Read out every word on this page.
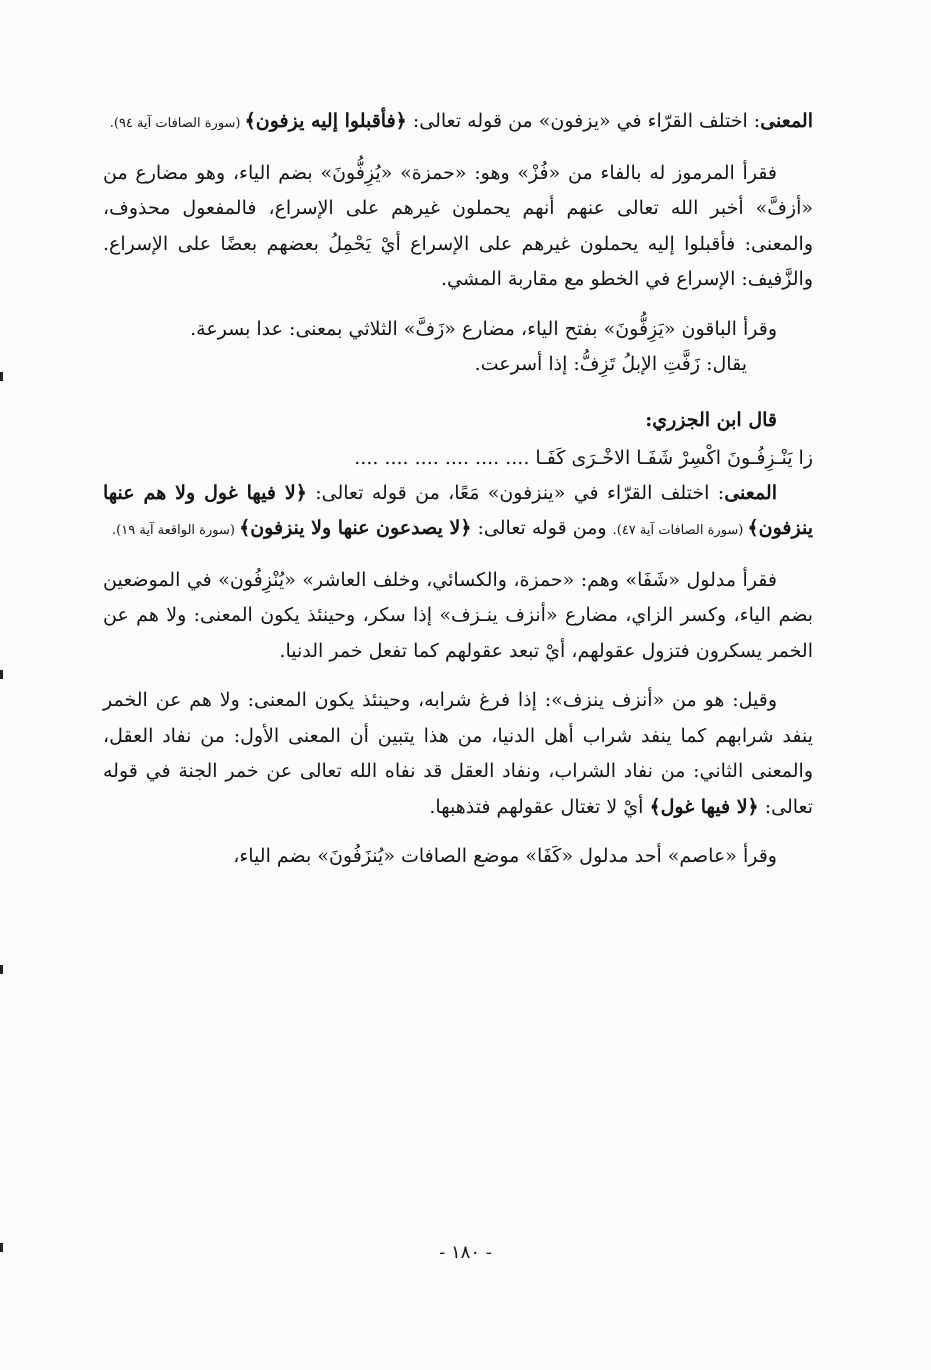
المعنى: اختلف القرّاء في «يزفون» من قوله تعالى: ﴿فأقبلوا إليه يزفون﴾ (سورة الصافات آية ٩٤).

فقرأ المرموز له بالفاء من «فُزْ» وهو: «حمزة» «يُزِفُّونَ» بضم الياء، وهو مضارع من «أزفَّ» أخبر الله تعالى عنهم أنهم يحملون غيرهم على الإسراع، فالمفعول محذوف، والمعنى: فأقبلوا إليه يحملون غيرهم على الإسراع أيْ يَحْمِلُ بعضهم بعضًا على الإسراع. والزَّفيف: الإسراع في الخطو مع مقاربة المشي.

وقرأ الباقون «يَزِفُّونَ» بفتح الياء، مضارع «زَفَّ» الثلاثي بمعنى: عدا بسرعة.

يقال: زَفَّتِ الإبلُ تَزِفُّ: إذا أسرعت.

قال ابن الجزري:

زا يَنْـزِفُـونَ اكْسِرْ شَفَـا الاخْـرَى كَفَـا .... .... .... .... .... ....

المعنى: اختلف القرّاء في «ينزفون» مَعًا، من قوله تعالى: ﴿لا فيها غول ولا هم عنها ينزفون﴾ (سورة الصافات آية ٤٧). ومن قوله تعالى: ﴿لا يصدعون عنها ولا ينزفون﴾ (سورة الواقعة آية ١٩).

فقرأ مدلول «شَفَا» وهم: «حمزة، والكسائي، وخلف العاشر» «يُنْزِفُون» في الموضعين بضم الياء، وكسر الزاي، مضارع «أنزف ينـزف» إذا سكر، وحينئذ يكون المعنى: ولا هم عن الخمر يسكرون فتزول عقولهم، أيْ تبعد عقولهم كما تفعل خمر الدنيا.

وقيل: هو من «أنزف ينزف»: إذا فرغ شرابه، وحينئذ يكون المعنى: ولا هم عن الخمر ينفد شرابهم كما ينفد شراب أهل الدنيا، من هذا يتبين أن المعنى الأول: من نفاد العقل، والمعنى الثاني: من نفاد الشراب، ونفاد العقل قد نفاه الله تعالى عن خمر الجنة في قوله تعالى: ﴿لا فيها غول﴾ أيْ لا تغتال عقولهم فتذهبها.

وقرأ «عاصم» أحد مدلول «كَفَا» موضع الصافات «يُنزَفُونَ» بضم الياء،

- ١٨٠ -
